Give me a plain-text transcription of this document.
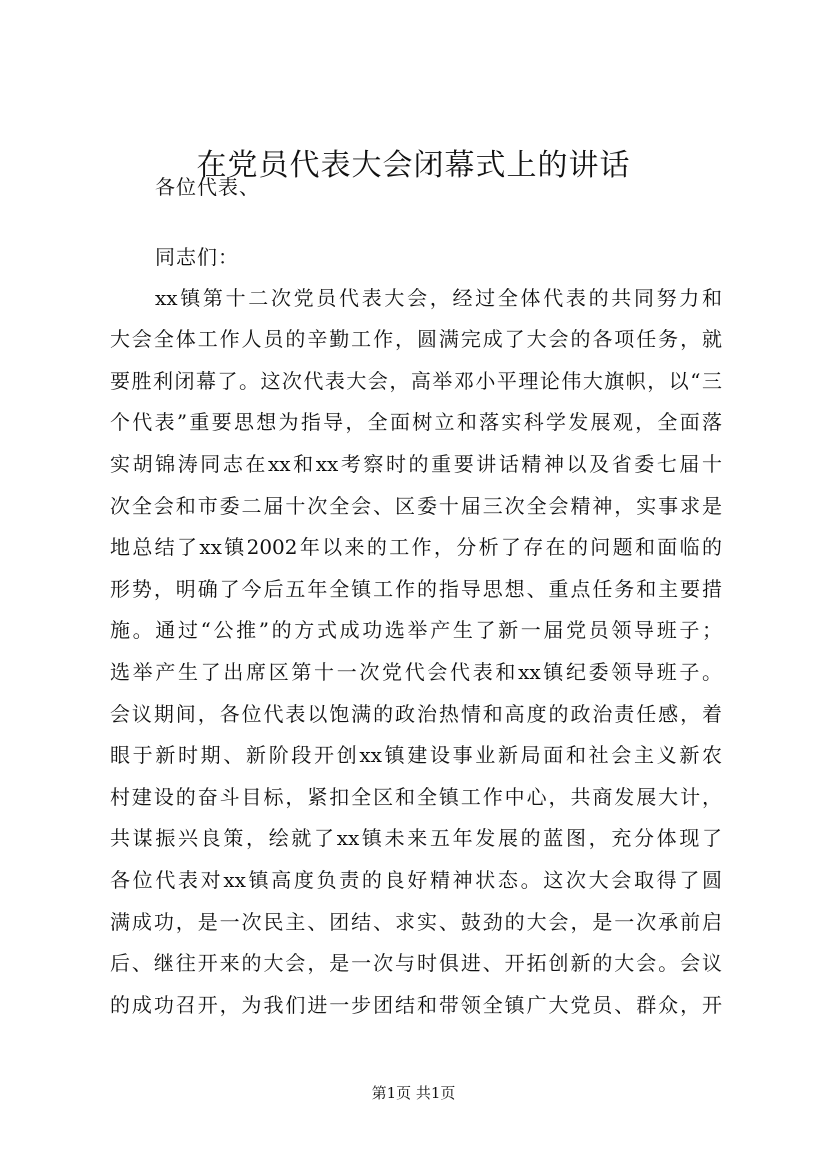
在党员代表大会闭幕式上的讲话
各位代表、
同志们：
xx镇第十二次党员代表大会，经过全体代表的共同努力和
大会全体工作人员的辛勤工作，圆满完成了大会的各项任务，就
要胜利闭幕了。这次代表大会，高举邓小平理论伟大旗帜，以“三
个代表”重要思想为指导，全面树立和落实科学发展观，全面落
实胡锦涛同志在xx和xx考察时的重要讲话精神以及省委七届十
次全会和市委二届十次全会、区委十届三次全会精神，实事求是
地总结了xx镇2002年以来的工作，分析了存在的问题和面临的
形势，明确了今后五年全镇工作的指导思想、重点任务和主要措
施。通过“公推”的方式成功选举产生了新一届党员领导班子；
选举产生了出席区第十一次党代会代表和xx镇纪委领导班子。
会议期间，各位代表以饱满的政治热情和高度的政治责任感，着
眼于新时期、新阶段开创xx镇建设事业新局面和社会主义新农
村建设的奋斗目标，紧扣全区和全镇工作中心，共商发展大计，
共谋振兴良策，绘就了xx镇未来五年发展的蓝图，充分体现了
各位代表对xx镇高度负责的良好精神状态。这次大会取得了圆
满成功，是一次民主、团结、求实、鼓劲的大会，是一次承前启
后、继往开来的大会，是一次与时俱进、开拓创新的大会。会议
的成功召开，为我们进一步团结和带领全镇广大党员、群众，开
第1页 共1页
